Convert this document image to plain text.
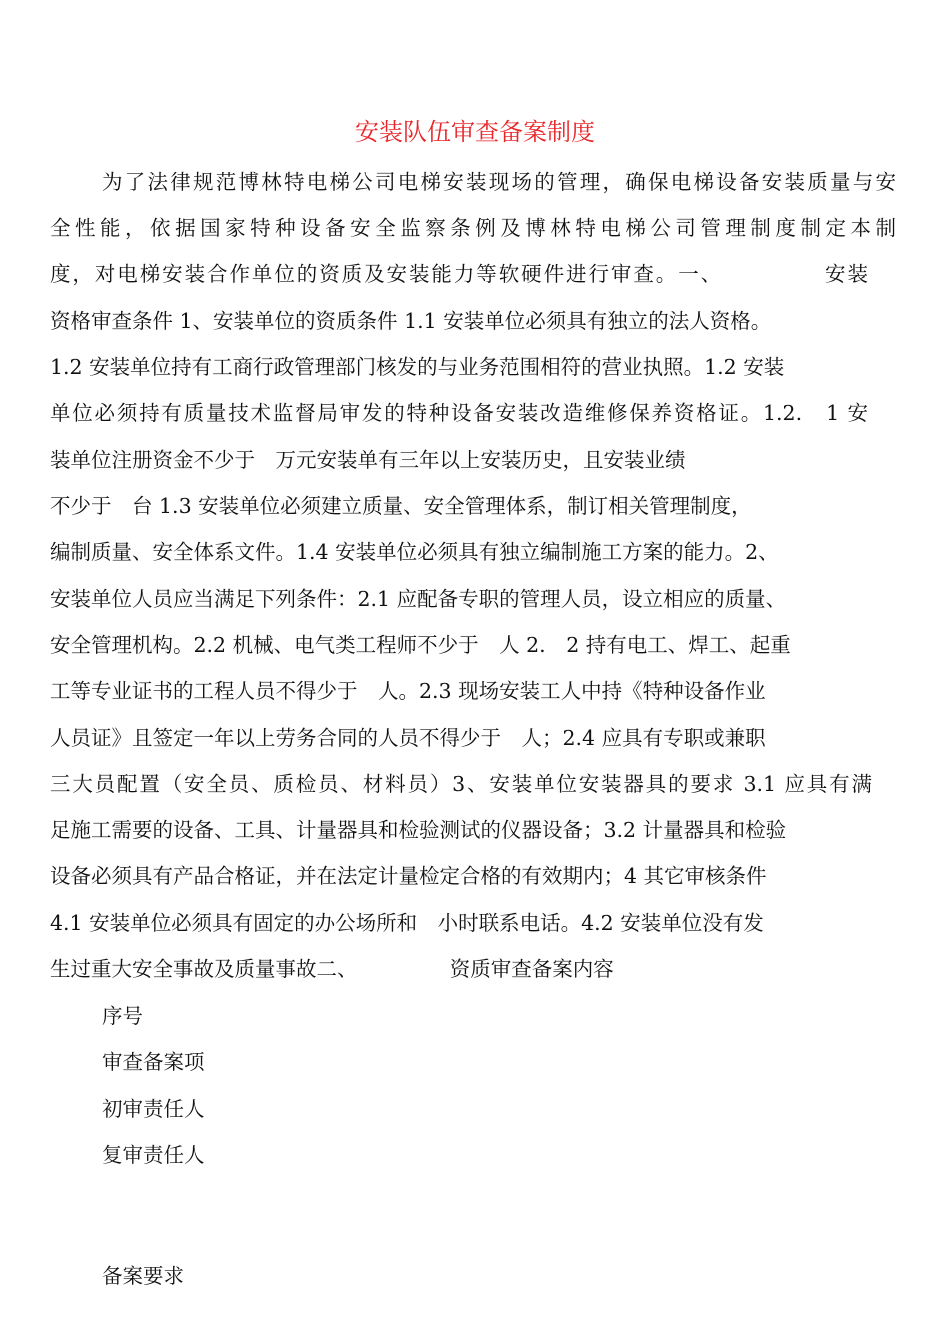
安装队伍审查备案制度
为了法律规范博林特电梯公司电梯安装现场的管理，确保电梯设备安装质量与安
全性能，依据国家特种设备安全监察条例及博林特电梯公司管理制度制定本制
度，对电梯安装合作单位的资质及安装能力等软硬件进行审查。一、　　　　　安装
资格审查条件 1、安装单位的资质条件 1.1 安装单位必须具有独立的法人资格。
1.2 安装单位持有工商行政管理部门核发的与业务范围相符的营业执照。1.2 安装
单位必须持有质量技术监督局审发的特种设备安装改造维修保养资格证。1.2.　1 安
装单位注册资金不少于　万元安装单有三年以上安装历史，且安装业绩
不少于　台 1.3 安装单位必须建立质量、安全管理体系，制订相关管理制度，
编制质量、安全体系文件。1.4 安装单位必须具有独立编制施工方案的能力。2、
安装单位人员应当满足下列条件：2.1 应配备专职的管理人员，设立相应的质量、
安全管理机构。2.2 机械、电气类工程师不少于　人 2.　2 持有电工、焊工、起重
工等专业证书的工程人员不得少于　人。2.3 现场安装工人中持《特种设备作业
人员证》且签定一年以上劳务合同的人员不得少于　人；2.4 应具有专职或兼职
三大员配置（安全员、质检员、材料员）3、安装单位安装器具的要求 3.1 应具有满
足施工需要的设备、工具、计量器具和检验测试的仪器设备；3.2 计量器具和检验
设备必须具有产品合格证，并在法定计量检定合格的有效期内；4 其它审核条件
4.1 安装单位必须具有固定的办公场所和　小时联系电话。4.2 安装单位没有发
生过重大安全事故及质量事故二、　　　　　资质审查备案内容
序号
审查备案项
初审责任人
复审责任人
备案要求
